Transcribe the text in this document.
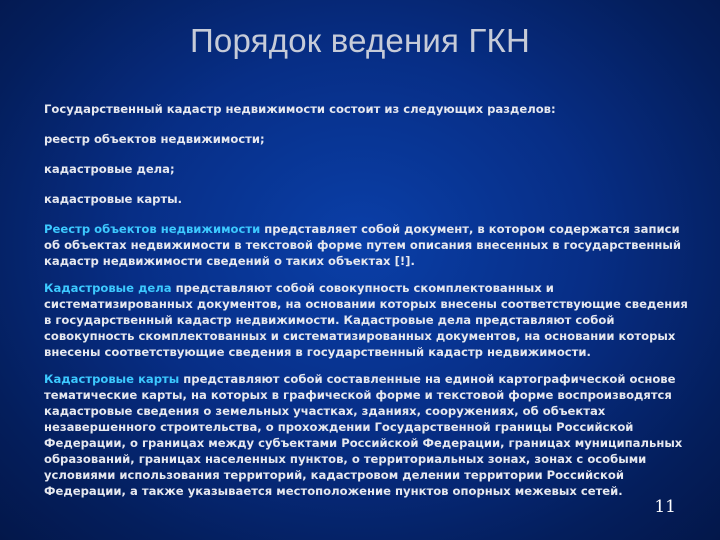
Порядок ведения ГКН

Государственный кадастр недвижимости состоит из следующих разделов:

реестр объектов недвижимости;

кадастровые дела;

кадастровые карты.

Реестр объектов недвижимости представляет собой документ, в котором содержатся записи об объектах недвижимости в текстовой форме путем описания внесенных в государственный кадастр недвижимости сведений о таких объектах [!].

Кадастровые дела представляют собой совокупность скомплектованных и систематизированных документов, на основании которых внесены соответствующие сведения в государственный кадастр недвижимости. Кадастровые дела представляют собой совокупность скомплектованных и систематизированных документов, на основании которых внесены соответствующие сведения в государственный кадастр недвижимости.

Кадастровые карты представляют собой составленные на единой картографической основе тематические карты, на которых в графической форме и текстовой форме воспроизводятся кадастровые сведения о земельных участках, зданиях, сооружениях, об объектах незавершенного строительства, о прохождении Государственной границы Российской Федерации, о границах между субъектами Российской Федерации, границах муниципальных образований, границах населенных пунктов, о территориальных зонах, зонах с особыми условиями использования территорий, кадастровом делении территории Российской Федерации, а также указывается местоположение пунктов опорных межевых сетей.

11
